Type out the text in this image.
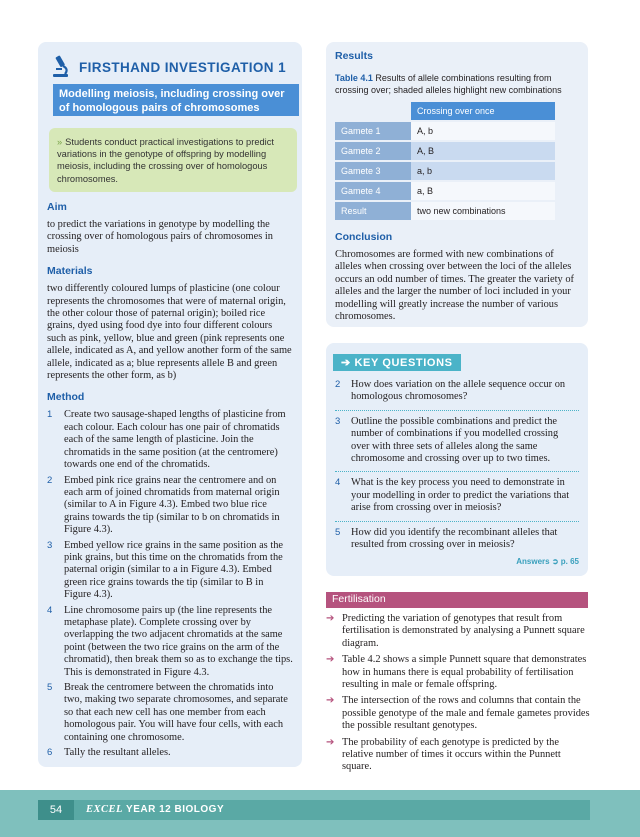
FIRSTHAND INVESTIGATION 1
Modelling meiosis, including crossing over of homologous pairs of chromosomes
» Students conduct practical investigations to predict variations in the genotype of offspring by modelling meiosis, including the crossing over of homologous chromosomes.
Aim

to predict the variations in genotype by modelling the crossing over of homologous pairs of chromosomes in meiosis

Materials

two differently coloured lumps of plasticine (one colour represents the chromosomes that were of maternal origin, the other colour those of paternal origin); boiled rice grains, dyed using food dye into four different colours such as pink, yellow, blue and green (pink represents one allele, indicated as A, and yellow another form of the same allele, indicated as a; blue represents allele B and green represents the other form, as b)

Method
1 Create two sausage-shaped lengths of plasticine from each colour. Each colour has one pair of chromatids each of the same length of plasticine. Join the chromatids in the same position (at the centromere) towards one end of the chromatids.
2 Embed pink rice grains near the centromere and on each arm of joined chromatids from maternal origin (similar to A in Figure 4.3). Embed two blue rice grains towards the tip (similar to b on chromatids in Figure 4.3).
3 Embed yellow rice grains in the same position as the pink grains, but this time on the chromatids from the paternal origin (similar to a in Figure 4.3). Embed green rice grains towards the tip (similar to B in Figure 4.3).
4 Line chromosome pairs up (the line represents the metaphase plate). Complete crossing over by overlapping the two adjacent chromatids at the same point (between the two rice grains on the arm of the chromatid), then break them so as to exchange the tips. This is demonstrated in Figure 4.3.
5 Break the centromere between the chromatids into two, making two separate chromosomes, and separate so that each new cell has one member from each homologous pair. You will have four cells, with each containing one chromosome.
6 Tally the resultant alleles.
Results

Table 4.1 Results of allele combinations resulting from crossing over; shaded alleles highlight new combinations

	Crossing over once
Gamete 1	A, b
Gamete 2	A, B
Gamete 3	a, b
Gamete 4	a, B
Result	two new combinations
Conclusion

Chromosomes are formed with new combinations of alleles when crossing over between the loci of the alleles occurs an odd number of times. The greater the variety of alleles and the larger the number of loci included in your modelling will greatly increase the number of various chromosomes.

➔ KEY QUESTIONS
2 How does variation on the allele sequence occur on homologous chromosomes?
3 Outline the possible combinations and predict the number of combinations if you modelled crossing over with three sets of alleles along the same chromosome and crossing over up to two times.
4 What is the key process you need to demonstrate in your modelling in order to predict the variations that arise from crossing over in meiosis?
5 How did you identify the recombinant alleles that resulted from crossing over in meiosis?
Answers ➲ p. 65
Fertilisation
➔ Predicting the variation of genotypes that result from fertilisation is demonstrated by analysing a Punnett square diagram.
➔ Table 4.2 shows a simple Punnett square that demonstrates how in humans there is equal probability of fertilisation resulting in male or female offspring.
➔ The intersection of the rows and columns that contain the possible genotype of the male and female gametes provides the possible resultant genotypes.
➔ The probability of each genotype is predicted by the relative number of times it occurs within the Punnett square.
54	EXCEL YEAR 12 BIOLOGY
